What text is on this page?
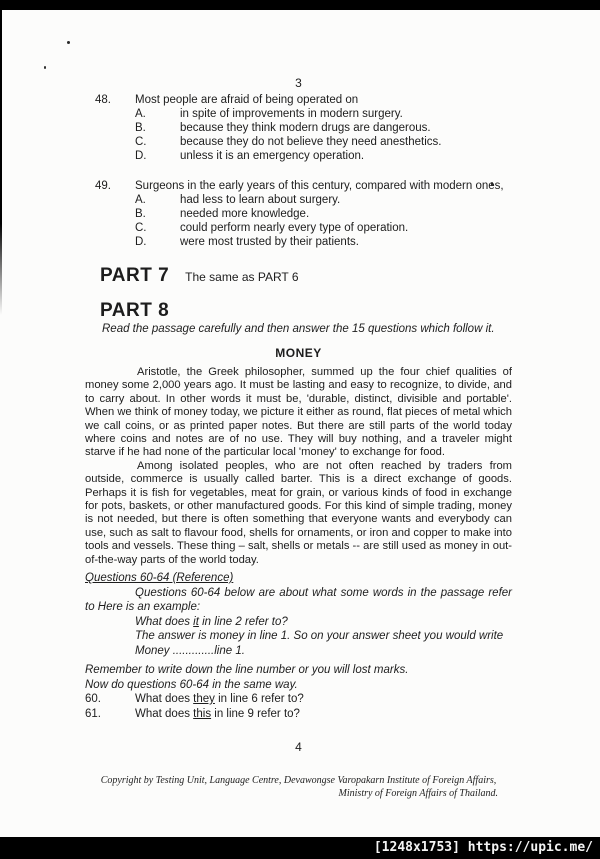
3
48.	Most people are afraid of being operated on
A.	in spite of improvements in modern surgery.
B.	because they think modern drugs are dangerous.
C.	because they do not believe they need anesthetics.
D.	unless it is an emergency operation.
49.	Surgeons in the early years of this century, compared with modern ones,
A.	had less to learn about surgery.
B.	needed more knowledge.
C.	could perform nearly every type of operation.
D.	were most trusted by their patients.
PART 7 The same as PART 6
PART 8
Read the passage carefully and then answer the 15 questions which follow it.
MONEY

Aristotle, the Greek philosopher, summed up the four chief qualities of money some 2,000 years ago. It must be lasting and easy to recognize, to divide, and to carry about. In other words it must be, 'durable, distinct, divisible and portable'. When we think of money today, we picture it either as round, flat pieces of metal which we call coins, or as printed paper notes. But there are still parts of the world today where coins and notes are of no use. They will buy nothing, and a traveler might starve if he had none of the particular local 'money' to exchange for food.

Among isolated peoples, who are not often reached by traders from outside, commerce is usually called barter. This is a direct exchange of goods. Perhaps it is fish for vegetables, meat for grain, or various kinds of food in exchange for pots, baskets, or other manufactured goods. For this kind of simple trading, money is not needed, but there is often something that everyone wants and everybody can use, such as salt to flavour food, shells for ornaments, or iron and copper to make into tools and vessels. These thing – salt, shells or metals -- are still used as money in out-of-the-way parts of the world today.

Questions 60-64 (Reference)

Questions 60-64 below are about what some words in the passage refer to Here is an example:

What does it in line 2 refer to?
The answer is money in line 1. So on your answer sheet you would write
Money .............line 1.
Remember to write down the line number or you will lost marks.
Now do questions 60-64 in the same way.
60.	What does they in line 6 refer to?
61.	What does this in line 9 refer to?
4
Copyright by Testing Unit, Language Centre, Devawongse Varopakarn Institute of Foreign Affairs,
Ministry of Foreign Affairs of Thailand.
[1248x1753] https://upic.me/
